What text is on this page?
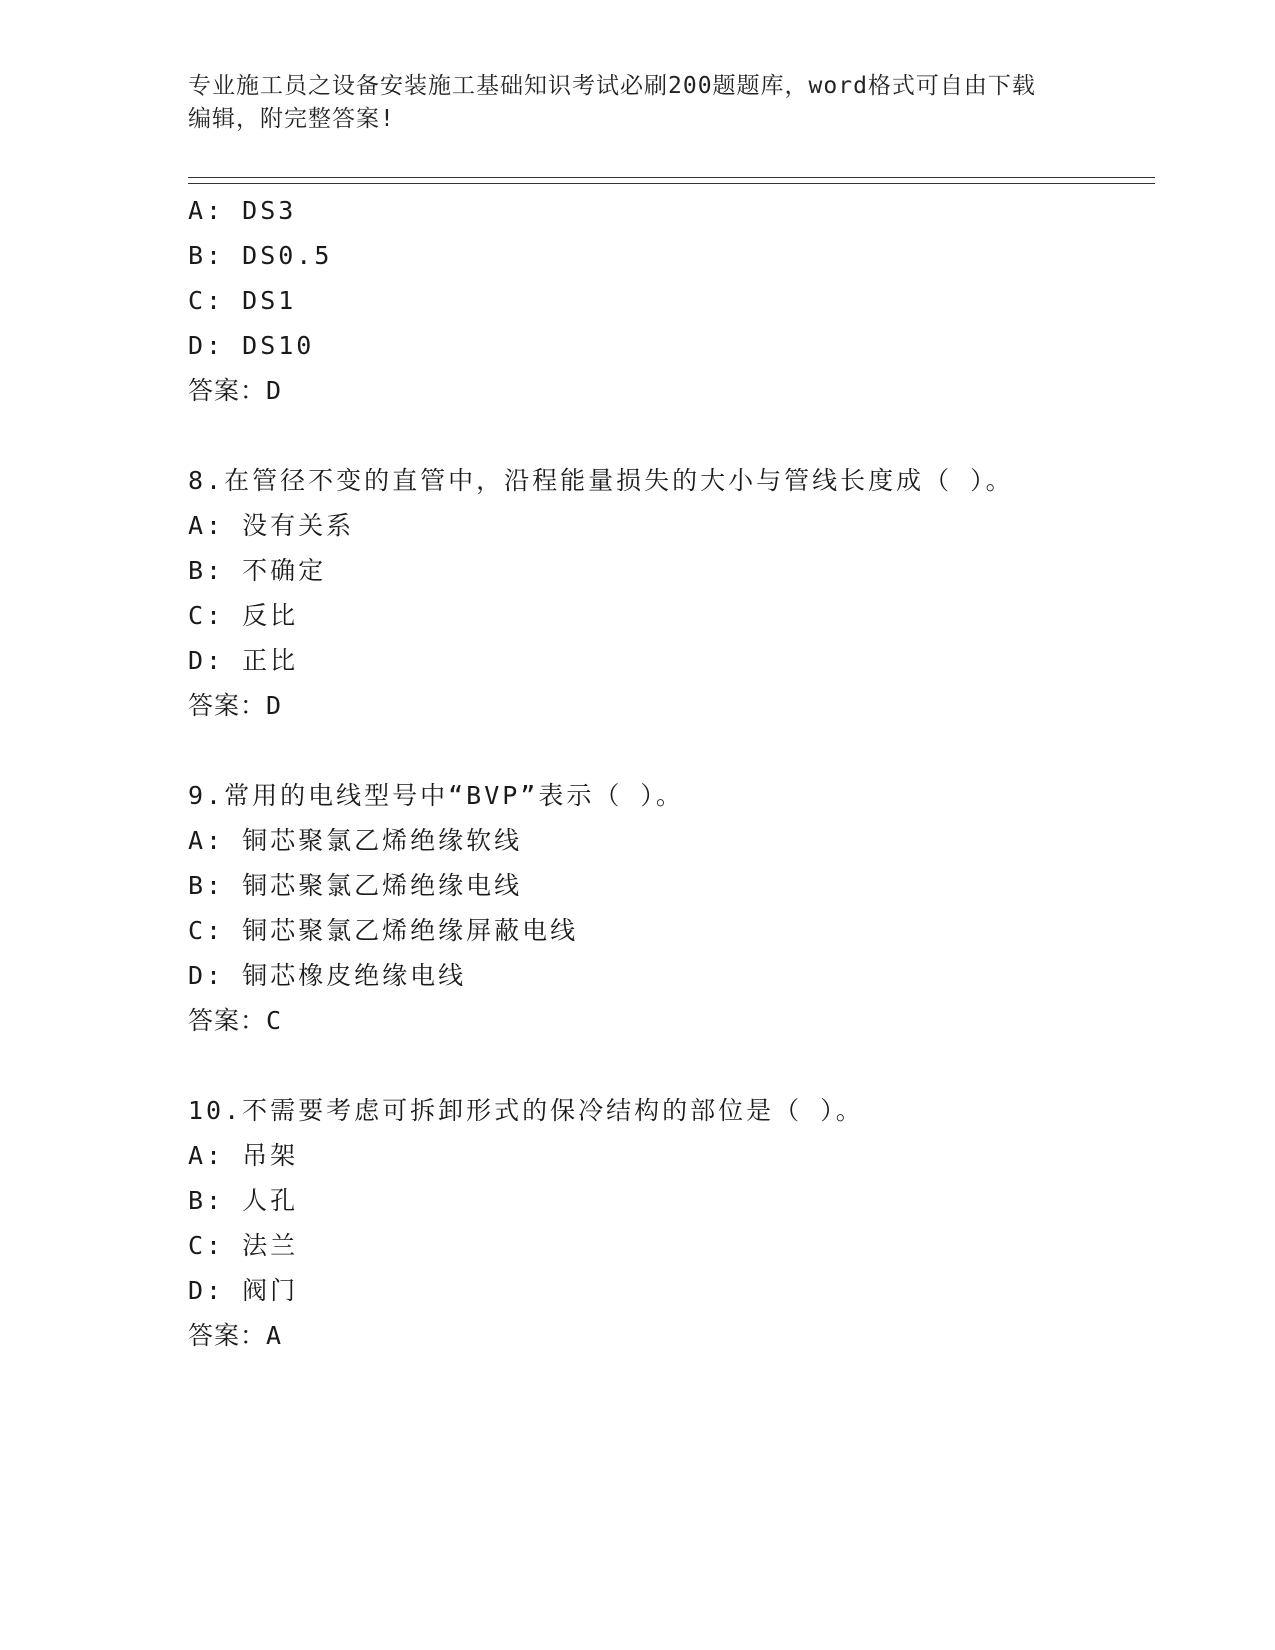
专业施工员之设备安装施工基础知识考试必刷200题题库，word格式可自由下载
编辑，附完整答案!
A: DS3
B: DS0.5
C: DS1
D: DS10
答案：D
8.在管径不变的直管中，沿程能量损失的大小与管线长度成（ ）。
A: 没有关系
B: 不确定
C: 反比
D: 正比
答案：D
9.常用的电线型号中“BVP”表示（ ）。
A: 铜芯聚氯乙烯绝缘软线
B: 铜芯聚氯乙烯绝缘电线
C: 铜芯聚氯乙烯绝缘屏蔽电线
D: 铜芯橡皮绝缘电线
答案：C
10.不需要考虑可拆卸形式的保冷结构的部位是（ ）。
A: 吊架
B: 人孔
C: 法兰
D: 阀门
答案：A
